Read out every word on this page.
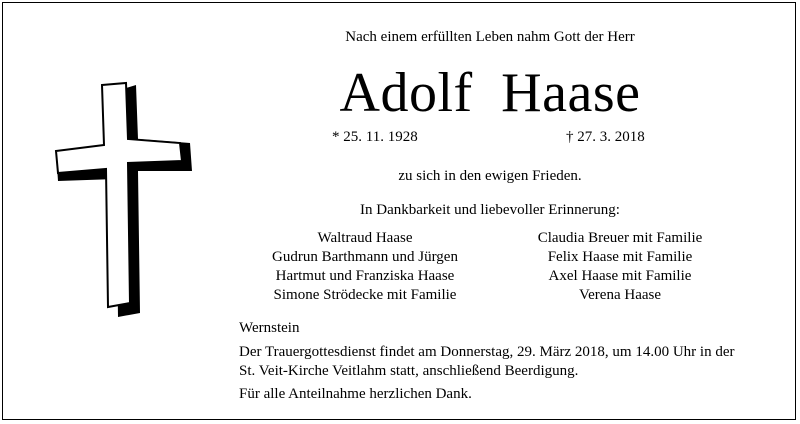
Nach einem erfüllten Leben nahm Gott der Herr
Adolf Haase
* 25. 11. 1928	† 27. 3. 2018
zu sich in den ewigen Frieden.
In Dankbarkeit und liebevoller Erinnerung:
Waltraud Haase
Gudrun Barthmann und Jürgen
Hartmut und Franziska Haase
Simone Strödecke mit Familie
Claudia Breuer mit Familie
Felix Haase mit Familie
Axel Haase mit Familie
Verena Haase
Wernstein
Der Trauergottesdienst findet am Donnerstag, 29. März 2018, um 14.00 Uhr in der St. Veit-Kirche Veitlahm statt, anschließend Beerdigung.
Für alle Anteilnahme herzlichen Dank.
